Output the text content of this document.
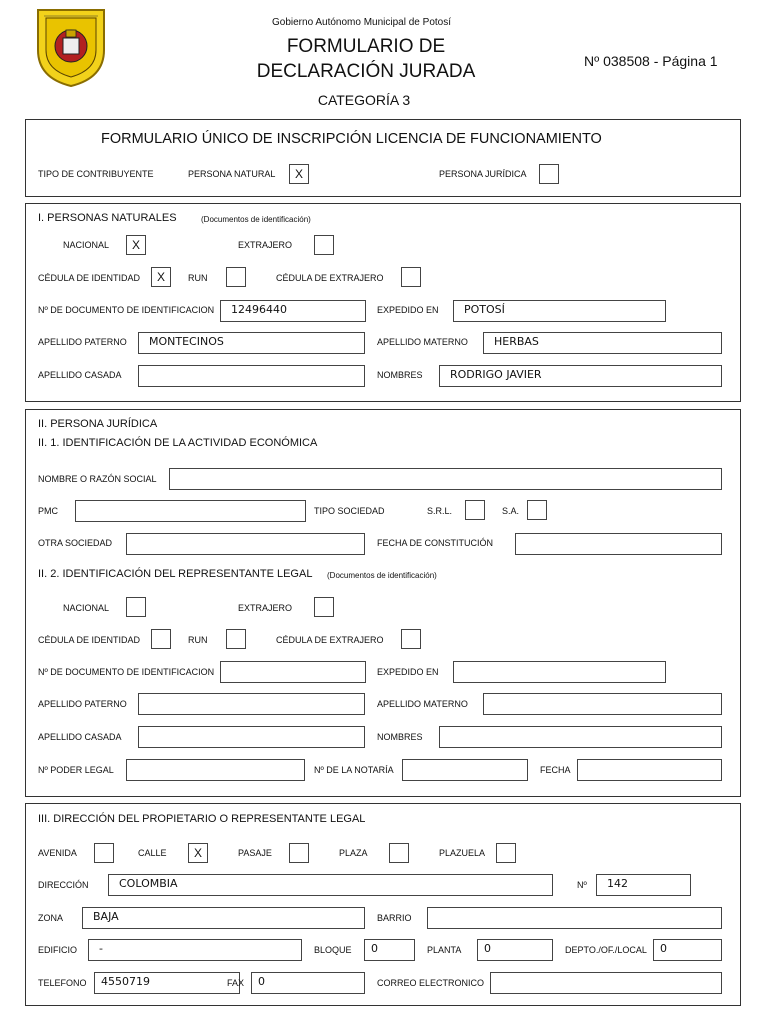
Gobierno Autónomo Municipal de Potosí
FORMULARIO DE
DECLARACIÓN JURADA
CATEGORÍA 3
Nº 038508 - Página 1
FORMULARIO ÚNICO DE INSCRIPCIÓN LICENCIA DE FUNCIONAMIENTO
TIPO DE CONTRIBUYENTE	PERSONA NATURAL	X	PERSONA JURÍDICA
I. PERSONAS NATURALES	(Documentos de identificación)
NACIONAL	X	EXTRAJERO
CÉDULA DE IDENTIDAD	X	RUN	CÉDULA DE EXTRAJERO
Nº DE DOCUMENTO DE IDENTIFICACION	12496440	EXPEDIDO EN	POTOSÍ
APELLIDO PATERNO	MONTECINOS	APELLIDO MATERNO	HERBAS
APELLIDO CASADA	NOMBRES	RODRIGO JAVIER
II. PERSONA JURÍDICA
II. 1. IDENTIFICACIÓN DE LA ACTIVIDAD ECONÓMICA
NOMBRE O RAZÓN SOCIAL
PMC	TIPO SOCIEDAD	S.R.L.	S.A.
OTRA SOCIEDAD	FECHA DE CONSTITUCIÓN
II. 2. IDENTIFICACIÓN DEL REPRESENTANTE LEGAL (Documentos de identificación)
NACIONAL	EXTRAJERO
CÉDULA DE IDENTIDAD	RUN	CÉDULA DE EXTRAJERO
Nº DE DOCUMENTO DE IDENTIFICACION	EXPEDIDO EN
APELLIDO PATERNO	APELLIDO MATERNO
APELLIDO CASADA	NOMBRES
Nº PODER LEGAL	Nº DE LA NOTARÍA	FECHA
III. DIRECCIÓN DEL PROPIETARIO O REPRESENTANTE LEGAL
AVENIDA	CALLE	X	PASAJE	PLAZA	PLAZUELA
DIRECCIÓN	COLOMBIA	Nº	142
ZONA	BAJA	BARRIO
EDIFICIO	-	BLOQUE	0	PLANTA	0	DEPTO./OF./LOCAL	0
TELEFONO	4550719	FAX	0	CORREO ELECTRONICO
